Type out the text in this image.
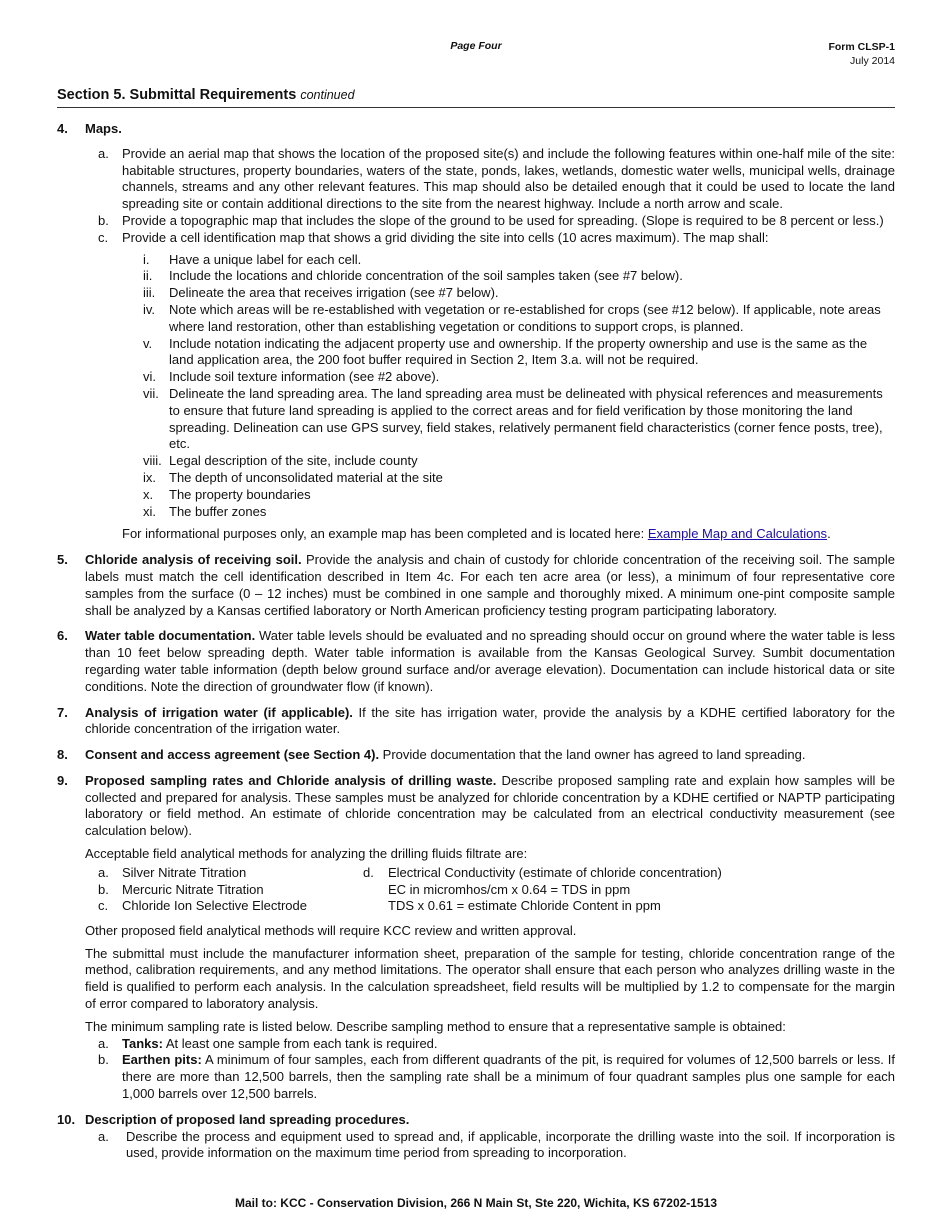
Page Four	Form CLSP-1
July 2014
Section 5. Submittal Requirements continued
4. Maps.
a. Provide an aerial map that shows the location of the proposed site(s) and include the following features within one-half mile of the site: habitable structures, property boundaries, waters of the state, ponds, lakes, wetlands, domestic water wells, municipal wells, drainage channels, streams and any other relevant features. This map should also be detailed enough that it could be used to locate the land spreading site or contain additional directions to the site from the nearest highway. Include a north arrow and scale.
b. Provide a topographic map that includes the slope of the ground to be used for spreading. (Slope is required to be 8 percent or less.)
c. Provide a cell identification map that shows a grid dividing the site into cells (10 acres maximum). The map shall:
i. Have a unique label for each cell.
ii. Include the locations and chloride concentration of the soil samples taken (see #7 below).
iii. Delineate the area that receives irrigation (see #7 below).
iv. Note which areas will be re-established with vegetation or re-established for crops (see #12 below). If applicable, note areas where land restoration, other than establishing vegetation or conditions to support crops, is planned.
v. Include notation indicating the adjacent property use and ownership. If the property ownership and use is the same as the land application area, the 200 foot buffer required in Section 2, Item 3.a. will not be required.
vi. Include soil texture information (see #2 above).
vii. Delineate the land spreading area. The land spreading area must be delineated with physical references and measurements to ensure that future land spreading is applied to the correct areas and for field verification by those monitoring the land spreading. Delineation can use GPS survey, field stakes, relatively permanent field characteristics (corner fence posts, tree), etc.
viii. Legal description of the site, include county
ix. The depth of unconsolidated material at the site
x. The property boundaries
xi. The buffer zones
For informational purposes only, an example map has been completed and is located here: Example Map and Calculations.
5. Chloride analysis of receiving soil. Provide the analysis and chain of custody for chloride concentration of the receiving soil. The sample labels must match the cell identification described in Item 4c. For each ten acre area (or less), a minimum of four representative core samples from the surface (0 – 12 inches) must be combined in one sample and thoroughly mixed. A minimum one-pint composite sample shall be analyzed by a Kansas certified laboratory or North American proficiency testing program participating laboratory.
6. Water table documentation. Water table levels should be evaluated and no spreading should occur on ground where the water table is less than 10 feet below spreading depth. Water table information is available from the Kansas Geological Survey. Sumbit documentation regarding water table information (depth below ground surface and/or average elevation). Documentation can include historical data or site conditions. Note the direction of groundwater flow (if known).
7. Analysis of irrigation water (if applicable). If the site has irrigation water, provide the analysis by a KDHE certified laboratory for the chloride concentration of the irrigation water.
8. Consent and access agreement (see Section 4). Provide documentation that the land owner has agreed to land spreading.
9. Proposed sampling rates and Chloride analysis of drilling waste. Describe proposed sampling rate and explain how samples will be collected and prepared for analysis. These samples must be analyzed for chloride concentration by a KDHE certified or NAPTP participating laboratory or field method. An estimate of chloride concentration may be calculated from an electrical conductivity measurement (see calculation below).
Acceptable field analytical methods for analyzing the drilling fluids filtrate are:
a. Silver Nitrate Titration
b. Mercuric Nitrate Titration
c. Chloride Ion Selective Electrode
d. Electrical Conductivity (estimate of chloride concentration)
EC in micromhos/cm x 0.64 = TDS in ppm
TDS x 0.61 = estimate Chloride Content in ppm
Other proposed field analytical methods will require KCC review and written approval.
The submittal must include the manufacturer information sheet, preparation of the sample for testing, chloride concentration range of the method, calibration requirements, and any method limitations. The operator shall ensure that each person who analyzes drilling waste in the field is qualified to perform each analysis. In the calculation spreadsheet, field results will be multiplied by 1.2 to compensate for the margin of error compared to laboratory analysis.
The minimum sampling rate is listed below. Describe sampling method to ensure that a representative sample is obtained:
a. Tanks: At least one sample from each tank is required.
b. Earthen pits: A minimum of four samples, each from different quadrants of the pit, is required for volumes of 12,500 barrels or less. If there are more than 12,500 barrels, then the sampling rate shall be a minimum of four quadrant samples plus one sample for each 1,000 barrels over 12,500 barrels.
10. Description of proposed land spreading procedures.
a. Describe the process and equipment used to spread and, if applicable, incorporate the drilling waste into the soil. If incorporation is used, provide information on the maximum time period from spreading to incorporation.
Mail to: KCC - Conservation Division, 266 N Main St, Ste 220, Wichita, KS 67202-1513
